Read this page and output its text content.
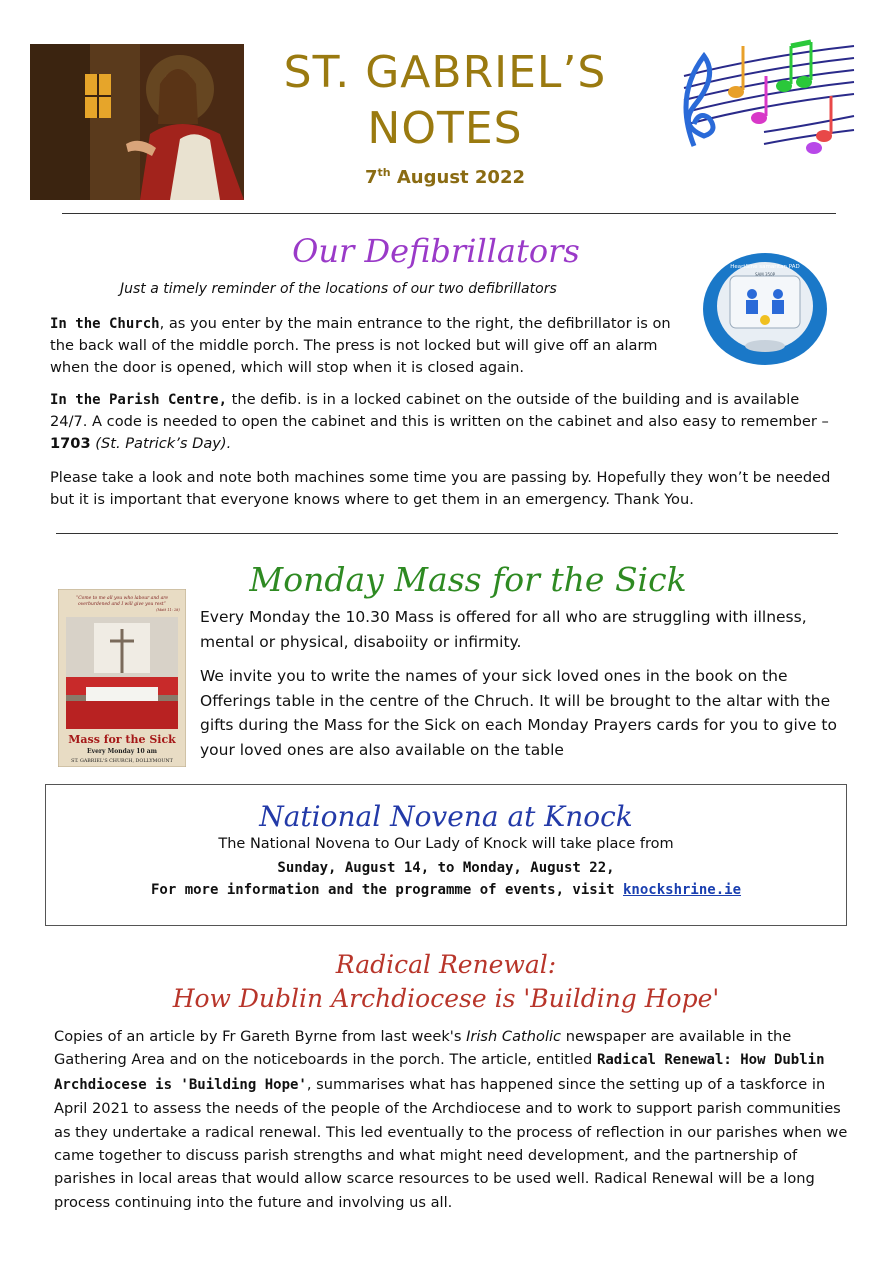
ST. GABRIEL’S
NOTES
7th August 2022
Our Defibrillators	HeartSine samaritan PAD
SAM 350P
Just a timely reminder of the locations of our two defibrillators
In the Church, as you enter by the main entrance to the right, the defibrillator is on the back wall of the middle porch. The press is not locked but will give off an alarm when the door is opened, which will stop when it is closed again.
In the Parish Centre, the defib. is in a locked cabinet on the outside of the building and is available 24/7. A code is needed to open the cabinet and this is written on the cabinet and also easy to remember – 1703 (St. Patrick’s Day).
Please take a look and note both machines some time you are passing by. Hopefully they won’t be needed but it is important that everyone knows where to get them in an emergency. Thank You.
Monday Mass for the Sick
“Come to me all you who labour and are
overburdened and I will give you rest”
(Matt 11: 28)
Mass for the Sick
Every Monday 10 am
ST. GABRIEL'S CHURCH, DOLLYMOUNT
Every Monday the 10.30 Mass is offered for all who are struggling with illness, mental or physical, disaboiity or infirmity.
We invite you to write the names of your sick loved ones in the book on the Offerings table in the centre of the Chruch. It will be brought to the altar with the gifts during the Mass for the Sick on each Monday Prayers cards for you to give to your loved ones are also available on the table
National Novena at Knock
The National Novena to Our Lady of Knock will take place from
Sunday, August 14, to Monday, August 22,
For more information and the programme of events, visit knockshrine.ie
Radical Renewal:
How Dublin Archdiocese is 'Building Hope'
Copies of an article by Fr Gareth Byrne from last week's Irish Catholic newspaper are available in the Gathering Area and on the noticeboards in the porch. The article, entitled Radical Renewal: How Dublin Archdiocese is 'Building Hope', summarises what has happened since the setting up of a taskforce in April 2021 to assess the needs of the people of the Archdiocese and to work to support parish communities as they undertake a radical renewal. This led eventually to the process of reflection in our parishes when we came together to discuss parish strengths and what might need development, and the partnership of parishes in local areas that would allow scarce resources to be used well. Radical Renewal will be a long process continuing into the future and involving us all.
